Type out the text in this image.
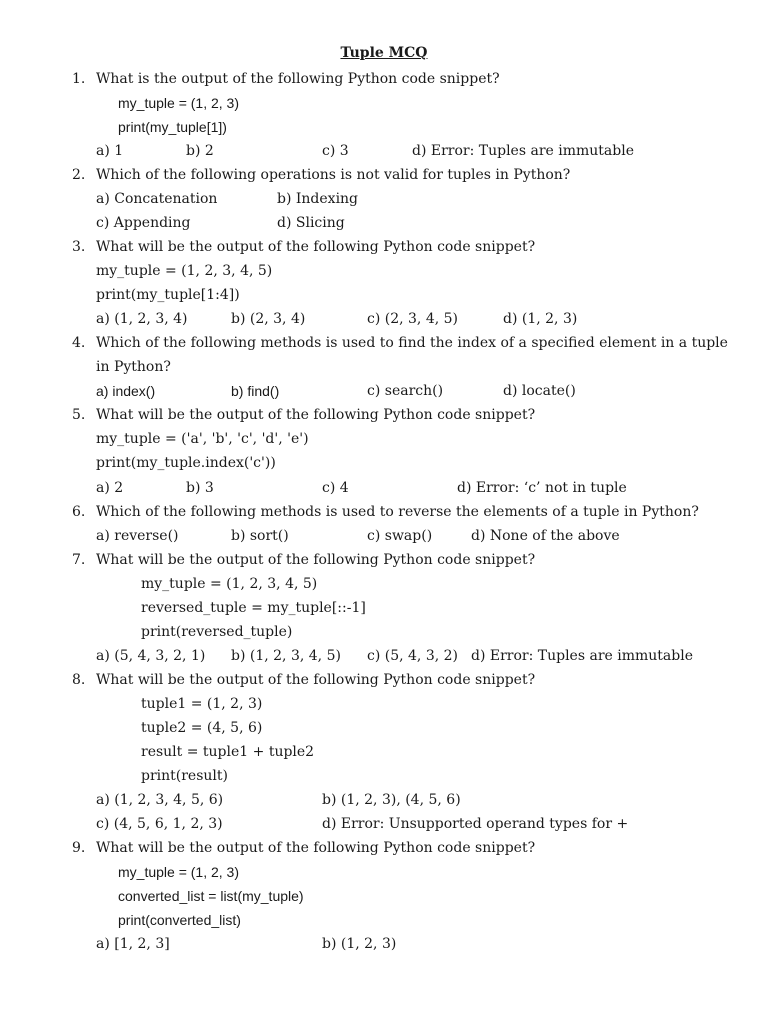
Tuple MCQ
1. What is the output of the following Python code snippet?
my_tuple = (1, 2, 3)
print(my_tuple[1])
a) 1	b) 2	c) 3	d) Error: Tuples are immutable
2. Which of the following operations is not valid for tuples in Python?
a) Concatenation	b) Indexing
c) Appending	d) Slicing
3. What will be the output of the following Python code snippet?
my_tuple = (1, 2, 3, 4, 5)
print(my_tuple[1:4])
a) (1, 2, 3, 4)	b) (2, 3, 4)	c) (2, 3, 4, 5)	d) (1, 2, 3)
4. Which of the following methods is used to find the index of a specified element in a tuple
in Python?
a) index()	b) find()	c) search()	d) locate()
5. What will be the output of the following Python code snippet?
my_tuple = ('a', 'b', 'c', 'd', 'e')
print(my_tuple.index('c'))
a) 2	b) 3	c) 4	d) Error: ‘c’ not in tuple
6. Which of the following methods is used to reverse the elements of a tuple in Python?
a) reverse()	b) sort()	c) swap()	d) None of the above
7. What will be the output of the following Python code snippet?
my_tuple = (1, 2, 3, 4, 5)
reversed_tuple = my_tuple[::-1]
print(reversed_tuple)
a) (5, 4, 3, 2, 1) b) (1, 2, 3, 4, 5) c) (5, 4, 3, 2) d) Error: Tuples are immutable
8. What will be the output of the following Python code snippet?
tuple1 = (1, 2, 3)
tuple2 = (4, 5, 6)
result = tuple1 + tuple2
print(result)
a) (1, 2, 3, 4, 5, 6)	b) (1, 2, 3), (4, 5, 6)
c) (4, 5, 6, 1, 2, 3)	d) Error: Unsupported operand types for +
9. What will be the output of the following Python code snippet?
my_tuple = (1, 2, 3)
converted_list = list(my_tuple)
print(converted_list)
a) [1, 2, 3]	b) (1, 2, 3)
